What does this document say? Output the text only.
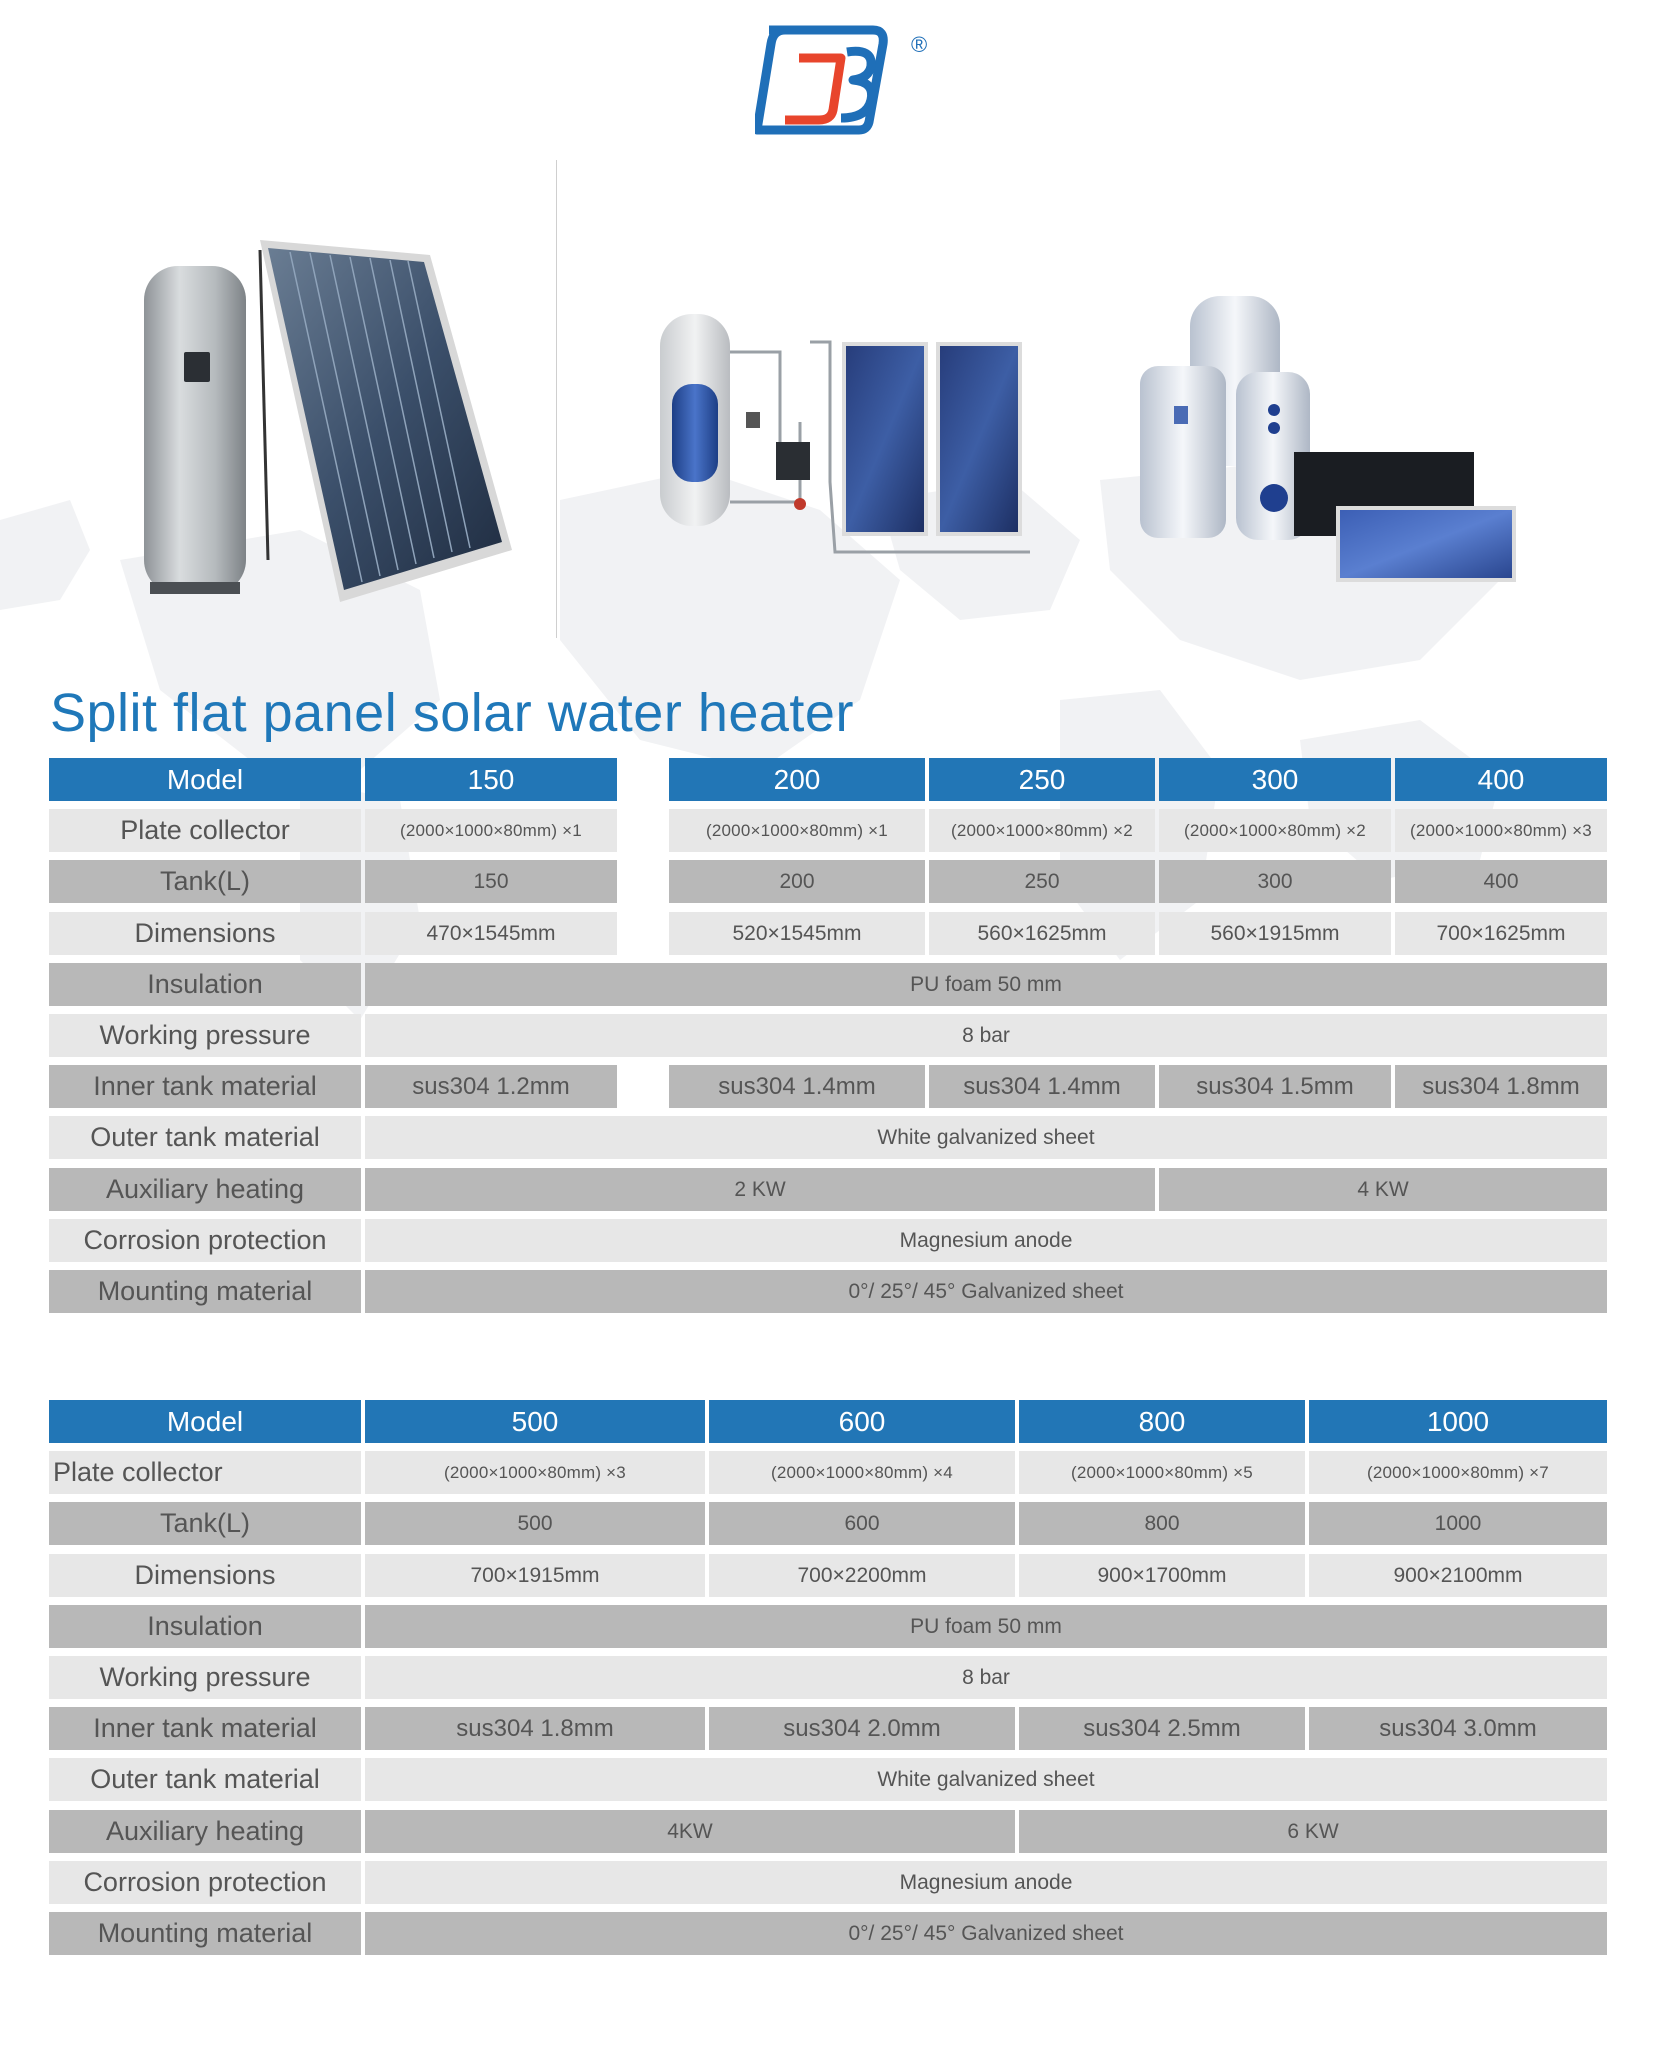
®
Split flat panel solar water heater
Model	150	200	250	300	400
Plate collector	(2000×1000×80mm) ×1	(2000×1000×80mm) ×1	(2000×1000×80mm) ×2	(2000×1000×80mm) ×2	(2000×1000×80mm) ×3
Tank(L)	150	200	250	300	400
Dimensions	470×1545mm	520×1545mm	560×1625mm	560×1915mm	700×1625mm
Insulation	PU foam 50 mm
Working pressure	8 bar
Inner tank material	sus304 1.2mm	sus304 1.4mm	sus304 1.4mm	sus304 1.5mm	sus304 1.8mm
Outer tank material	White galvanized sheet
Auxiliary heating	2 KW	4 KW
Corrosion protection	Magnesium anode
Mounting material	0°/ 25°/ 45° Galvanized sheet
Model	500	600	800	1000
Plate collector	(2000×1000×80mm) ×3	(2000×1000×80mm) ×4	(2000×1000×80mm) ×5	(2000×1000×80mm) ×7
Tank(L)	500	600	800	1000
Dimensions	700×1915mm	700×2200mm	900×1700mm	900×2100mm
Insulation	PU foam 50 mm
Working pressure	8 bar
Inner tank material	sus304 1.8mm	sus304 2.0mm	sus304 2.5mm	sus304 3.0mm
Outer tank material	White galvanized sheet
Auxiliary heating	4KW	6 KW
Corrosion protection	Magnesium anode
Mounting material	0°/ 25°/ 45° Galvanized sheet
